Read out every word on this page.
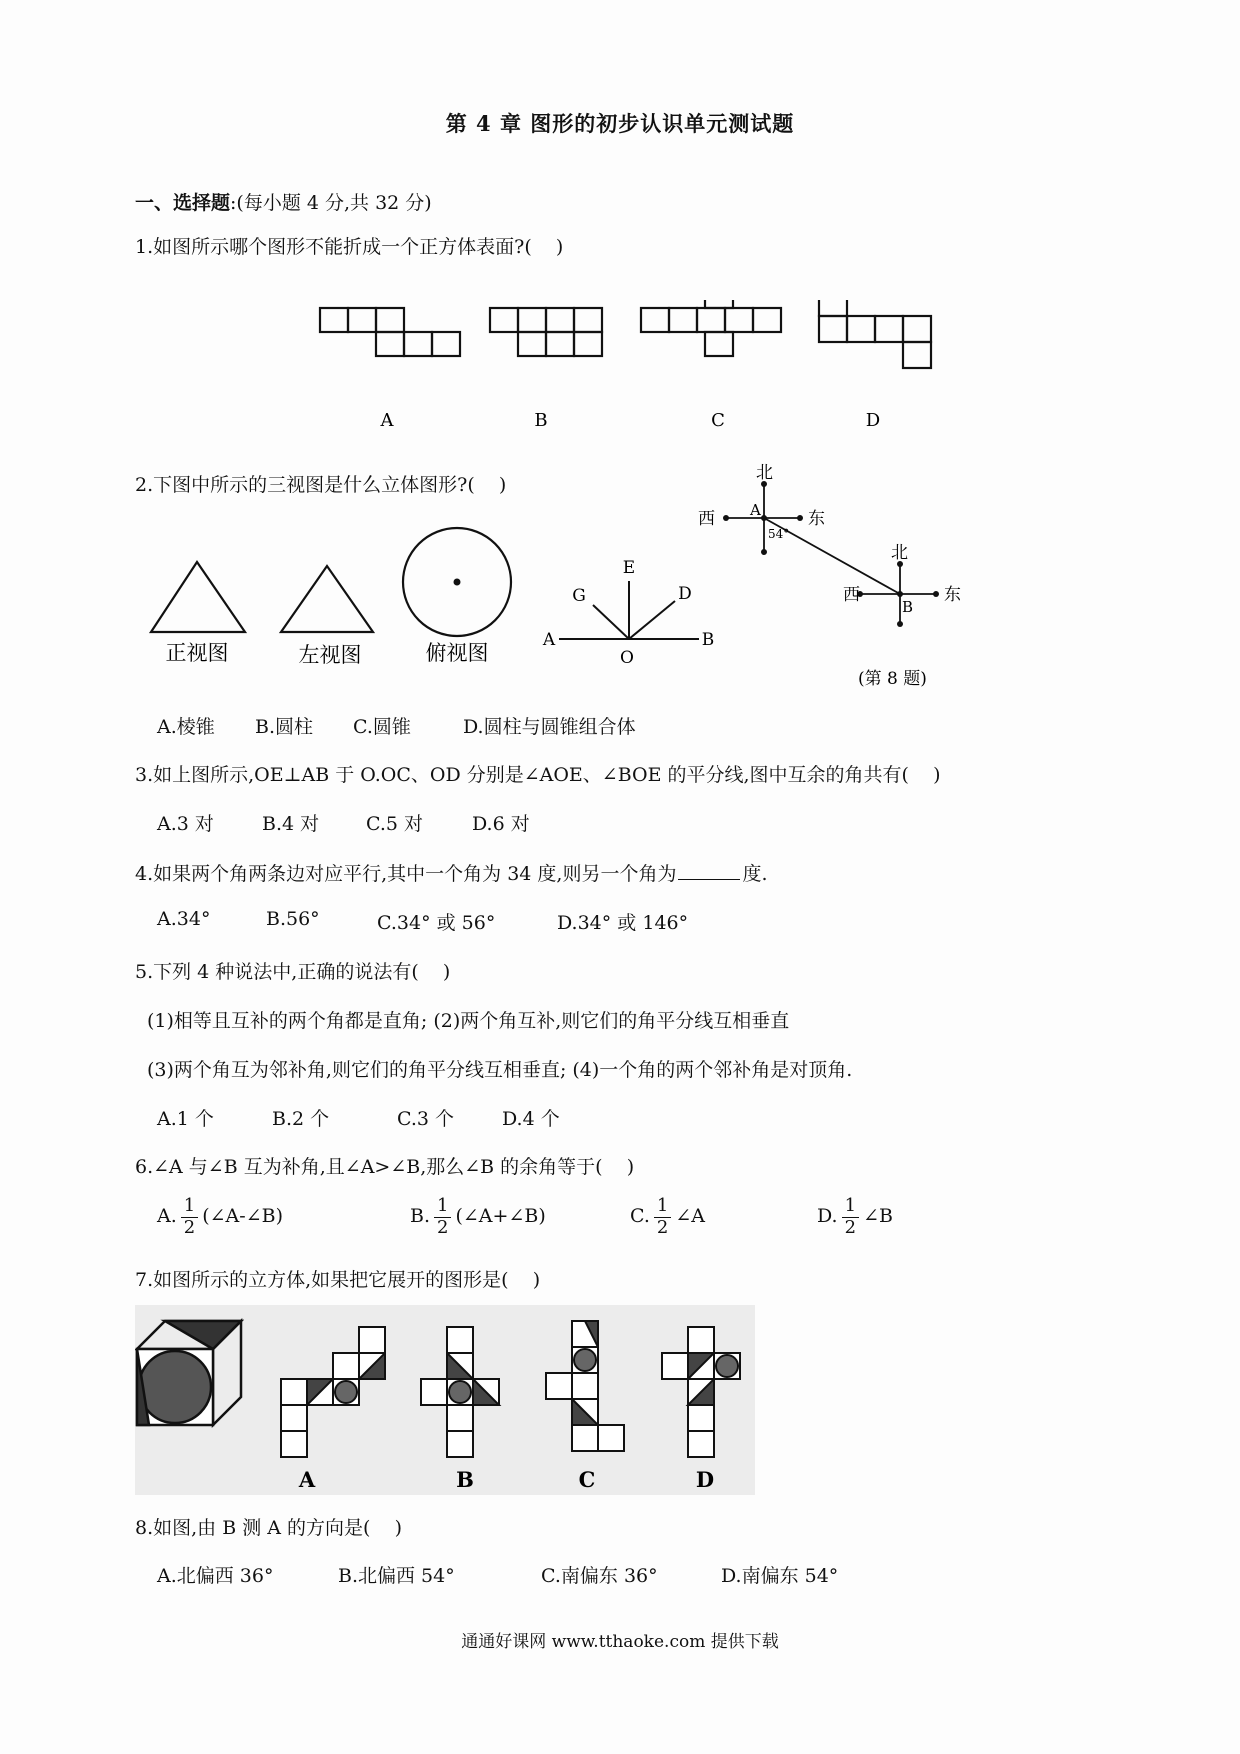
第 4 章 图形的初步认识单元测试题
一、选择题:(每小题 4 分,共 32 分)
1.如图所示哪个图形不能折成一个正方体表面?(    )
A	B	C	D
2.下图中所示的三视图是什么立体图形?(    )
正视图	左视图	俯视图
A	B
O
E
D
G
北
西	东
A
54°
北
西	东
B
(第 8 题)
A.棱锥 B.圆柱 C.圆锥	D.圆柱与圆锥组合体
3.如上图所示,OE⊥AB 于 O.OC、OD 分别是∠AOE、∠BOE 的平分线,图中互余的角共有(    )
A.3 对	B.4 对 C.5 对	D.6 对
4.如果两个角两条边对应平行,其中一个角为 34 度,则另一个角为	度.
A.34°	B.56°	C.34° 或 56°	D.34° 或 146°
5.下列 4 种说法中,正确的说法有(    )
(1)相等且互补的两个角都是直角; (2)两个角互补,则它们的角平分线互相垂直
(3)两个角互为邻补角,则它们的角平分线互相垂直; (4)一个角的两个邻补角是对顶角.
A.1 个	B.2 个	C.3 个	D.4 个
6.∠A 与∠B 互为补角,且∠A>∠B,那么∠B 的余角等于(    )
A. $\frac{1}{2}$ (∠A-∠B)	B. $\frac{1}{2}$ (∠A+∠B)	C. $\frac{1}{2}$ ∠A	D. $\frac{1}{2}$ ∠B
7.如图所示的立方体,如果把它展开的图形是(    )
A	B	C	D
8.如图,由 B 测 A 的方向是(    )
A.北偏西 36°	B.北偏西 54°	C.南偏东 36°	D.南偏东 54°
通通好课网 www.tthaoke.com 提供下载
